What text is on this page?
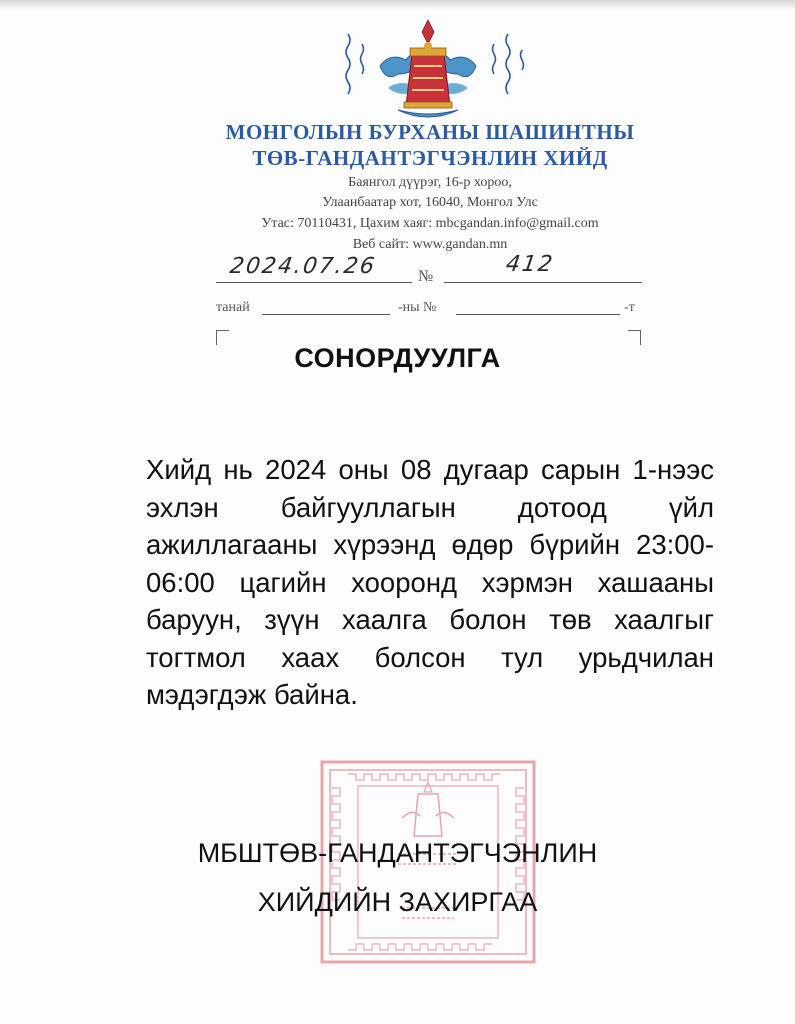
МОНГОЛЫН БУРХАНЫ ШАШИНТНЫ

ТӨВ-ГАНДАНТЭГЧЭНЛИН ХИЙД

Баянгол дүүрэг, 16-р хороо,

Улаанбаатар хот, 16040, Монгол Улс

Утас: 70110431, Цахим хаяг: mbcgandan.info@gmail.com

Веб сайт: www.gandan.mn

2024.07.26	№	412
танай	-ны №	-т
СОНОРДУУЛГА

Хийд нь 2024 оны 08 дугаар сарын 1-нээс эхлэн байгууллагын дотоод үйл ажиллагааны хүрээнд өдөр бүрийн 23:00-06:00 цагийн хооронд хэрмэн хашааны баруун, зүүн хаалга болон төв хаалгыг тогтмол хаах болсон тул урьдчилан мэдэгдэж байна.

МБШТӨВ-ГАНДАНТЭГЧЭНЛИН

ХИЙДИЙН ЗАХИРГАА
